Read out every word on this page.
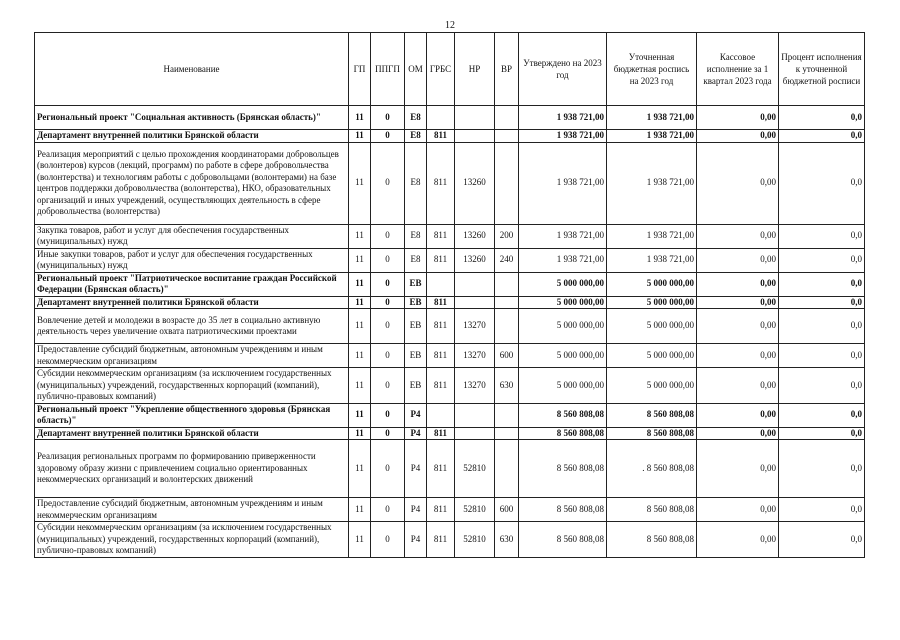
12
Наименование	ГП	ППГП	ОМ	ГРБС	НР	ВР	Утверждено на 2023 год	Уточненная бюджетная роспись на 2023 год	Кассовое исполнение за 1 квартал 2023 года	Процент исполнения к уточненной бюджетной росписи
Региональный проект "Социальная активность (Брянская область)"	11	0	E8				1 938 721,00	1 938 721,00	0,00	0,0
Департамент внутренней политики Брянской области	11	0	E8	811			1 938 721,00	1 938 721,00	0,00	0,0
Реализация мероприятий с целью прохождения координаторами добровольцев (волонтеров) курсов (лекций, программ) по работе в сфере добровольчества (волонтерства) и технологиям работы с добровольцами (волонтерами) на базе центров поддержки добровольчества (волонтерства), НКО, образовательных организаций и иных учреждений, осуществляющих деятельность в сфере добровольчества (волонтерства)	11	0	E8	811	13260		1 938 721,00	1 938 721,00	0,00	0,0
Закупка товаров, работ и услуг для обеспечения государственных (муниципальных) нужд	11	0	E8	811	13260	200	1 938 721,00	1 938 721,00	0,00	0,0
Иные закупки товаров, работ и услуг для обеспечения государственных (муниципальных) нужд	11	0	E8	811	13260	240	1 938 721,00	1 938 721,00	0,00	0,0
Региональный проект "Патриотическое воспитание граждан Российской Федерации (Брянская область)"	11	0	EB				5 000 000,00	5 000 000,00	0,00	0,0
Департамент внутренней политики Брянской области	11	0	EB	811			5 000 000,00	5 000 000,00	0,00	0,0
Вовлечение детей и молодежи в возрасте до 35 лет в социально активную деятельность через увеличение охвата патриотическими проектами	11	0	EB	811	13270		5 000 000,00	5 000 000,00	0,00	0,0
Предоставление субсидий бюджетным, автономным учреждениям и иным некоммерческим организациям	11	0	EB	811	13270	600	5 000 000,00	5 000 000,00	0,00	0,0
Субсидии некоммерческим организациям (за исключением государственных (муниципальных) учреждений, государственных корпораций (компаний), публично-правовых компаний)	11	0	EB	811	13270	630	5 000 000,00	5 000 000,00	0,00	0,0
Региональный проект "Укрепление общественного здоровья (Брянская область)"	11	0	P4				8 560 808,08	8 560 808,08	0,00	0,0
Департамент внутренней политики Брянской области	11	0	P4	811			8 560 808,08	8 560 808,08	0,00	0,0
Реализация региональных программ по формированию приверженности здоровому образу жизни с привлечением социально ориентированных некоммерческих организаций и волонтерских движений	11	0	P4	811	52810		8 560 808,08	. 8 560 808,08	0,00	0,0
Предоставление субсидий бюджетным, автономным учреждениям и иным некоммерческим организациям	11	0	P4	811	52810	600	8 560 808,08	8 560 808,08	0,00	0,0
Субсидии некоммерческим организациям (за исключением государственных (муниципальных) учреждений, государственных корпораций (компаний), публично-правовых компаний)	11	0	P4	811	52810	630	8 560 808,08	8 560 808,08	0,00	0,0
